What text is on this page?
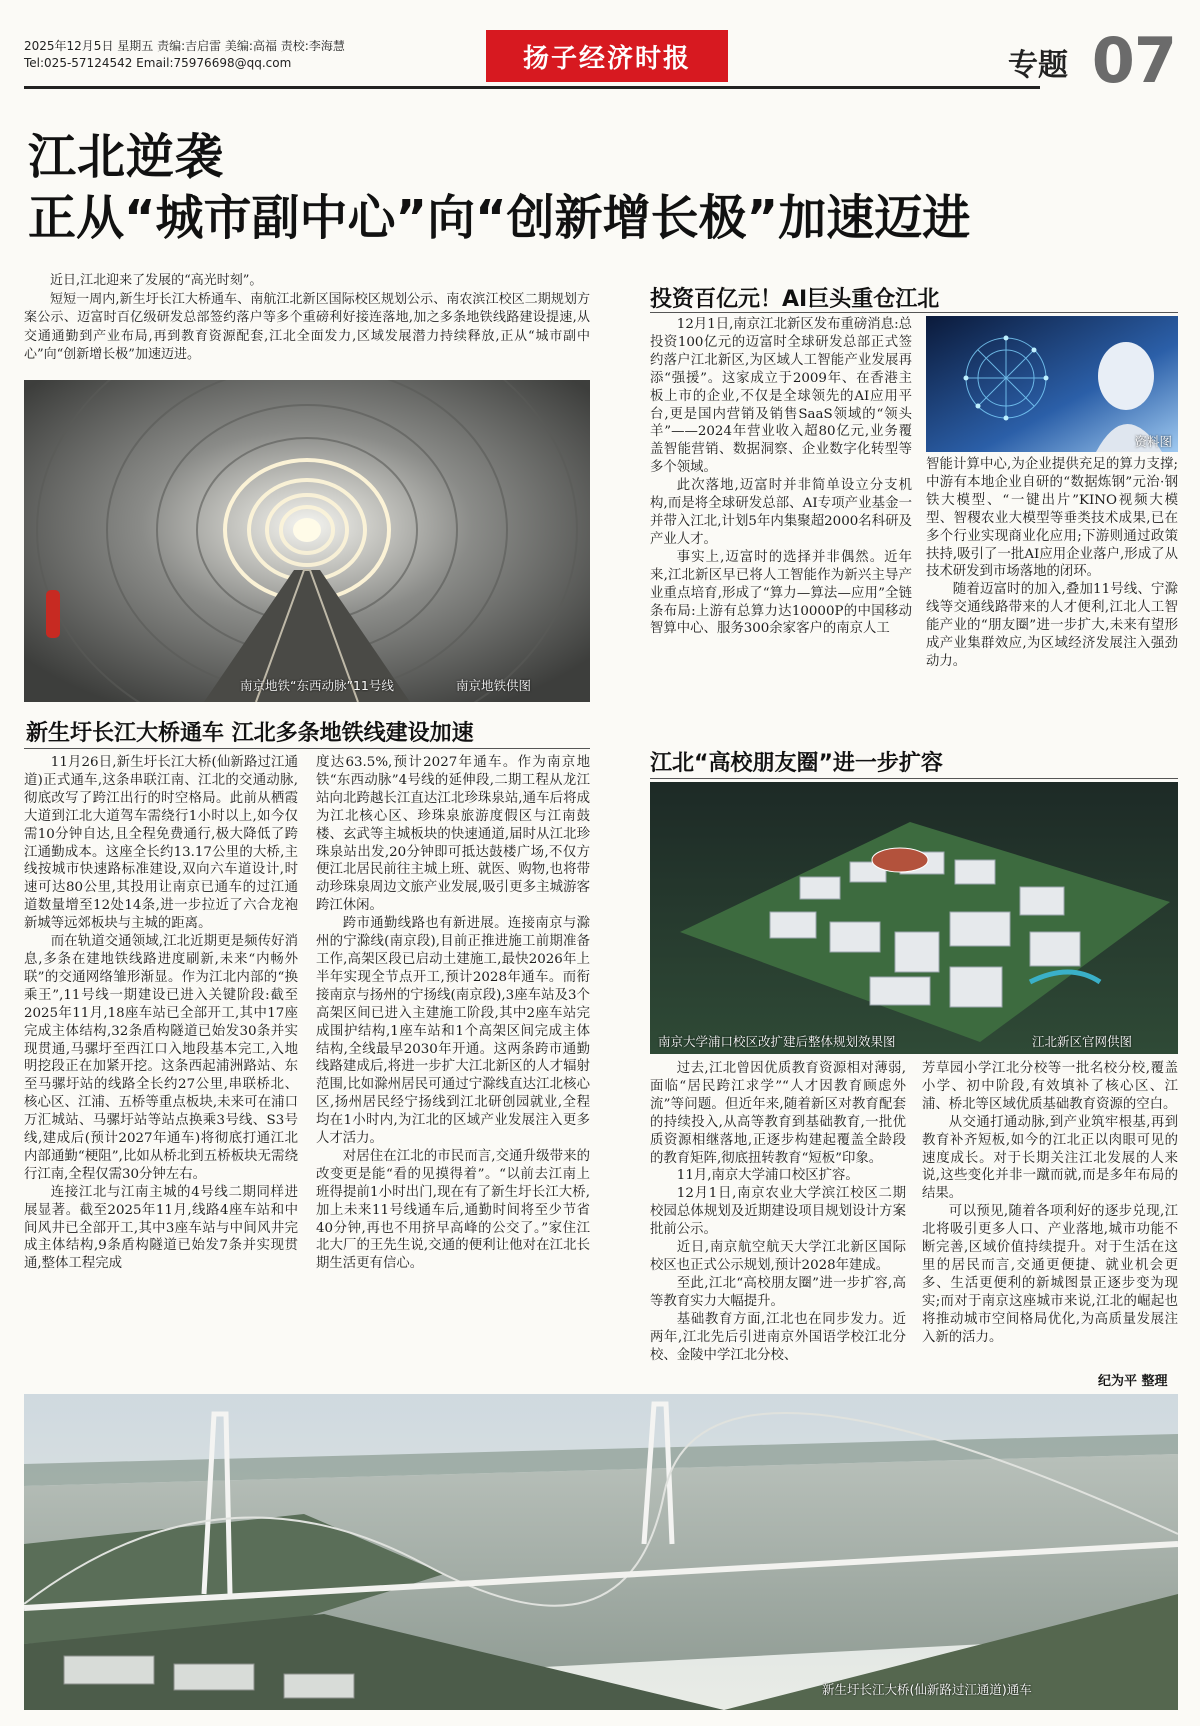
2025年12月5日 星期五 责编:吉启雷 美编:高福 责校:李海慧
Tel:025-57124542 Email:75976698@qq.com	扬子经济时报	专题 07
江北逆袭
正从“城市副中心”向“创新增长极”加速迈进

近日,江北迎来了发展的“高光时刻”。

短短一周内,新生圩长江大桥通车、南航江北新区国际校区规划公示、南农滨江校区二期规划方案公示、迈富时百亿级研发总部签约落户等多个重磅利好接连落地,加之多条地铁线路建设提速,从交通通勤到产业布局,再到教育资源配套,江北全面发力,区域发展潜力持续释放,正从“城市副中心”向“创新增长极”加速迈进。

南京地铁“东西动脉”11号线	南京地铁供图
新生圩长江大桥通车 江北多条地铁线建设加速

11月26日,新生圩长江大桥(仙新路过江通道)正式通车,这条串联江南、江北的交通动脉,彻底改写了跨江出行的时空格局。此前从栖霞大道到江北大道驾车需绕行1小时以上,如今仅需10分钟自达,且全程免费通行,极大降低了跨江通勤成本。这座全长约13.17公里的大桥,主线按城市快速路标准建设,双向六车道设计,时速可达80公里,其投用让南京已通车的过江通道数量增至12处14条,进一步拉近了六合龙袍新城等远郊板块与主城的距离。

而在轨道交通领域,江北近期更是频传好消息,多条在建地铁线路进度刷新,未来“内畅外联”的交通网络雏形渐显。作为江北内部的“换乘王”,11号线一期建设已进入关键阶段:截至2025年11月,18座车站已全部开工,其中17座完成主体结构,32条盾构隧道已始发30条并实现贯通,马骡圩至西江口入地段基本完工,入地明挖段正在加紧开挖。这条西起浦洲路站、东至马骡圩站的线路全长约27公里,串联桥北、核心区、江浦、五桥等重点板块,未来可在浦口万汇城站、马骡圩站等站点换乘3号线、S3号线,建成后(预计2027年通车)将彻底打通江北内部通勤“梗阻”,比如从桥北到五桥板块无需绕行江南,全程仅需30分钟左右。

连接江北与江南主城的4号线二期同样进展显著。截至2025年11月,线路4座车站和中间风井已全部开工,其中3座车站与中间风井完成主体结构,9条盾构隧道已始发7条并实现贯通,整体工程完成

度达63.5%,预计2027年通车。作为南京地铁“东西动脉”4号线的延伸段,二期工程从龙江站向北跨越长江直达江北珍珠泉站,通车后将成为江北核心区、珍珠泉旅游度假区与江南鼓楼、玄武等主城板块的快速通道,届时从江北珍珠泉站出发,20分钟即可抵达鼓楼广场,不仅方便江北居民前往主城上班、就医、购物,也将带动珍珠泉周边文旅产业发展,吸引更多主城游客跨江休闲。

跨市通勤线路也有新进展。连接南京与滁州的宁滁线(南京段),目前正推进施工前期准备工作,高架区段已启动土建施工,最快2026年上半年实现全节点开工,预计2028年通车。而衔接南京与扬州的宁扬线(南京段),3座车站及3个高架区间已进入主建施工阶段,其中2座车站完成围护结构,1座车站和1个高架区间完成主体结构,全线最早2030年开通。这两条跨市通勤线路建成后,将进一步扩大江北新区的人才辐射范围,比如滁州居民可通过宁滁线直达江北核心区,扬州居民经宁扬线到江北研创园就业,全程均在1小时内,为江北的区域产业发展注入更多人才活力。

对居住在江北的市民而言,交通升级带来的改变更是能“看的见摸得着”。“以前去江南上班得提前1小时出门,现在有了新生圩长江大桥,加上未来11号线通车后,通勤时间将至少节省40分钟,再也不用挤早高峰的公交了。”家住江北大厂的王先生说,交通的便利让他对在江北长期生活更有信心。

投资百亿元！AI巨头重仓江北
资料图

12月1日,南京江北新区发布重磅消息:总投资100亿元的迈富时全球研发总部正式签约落户江北新区,为区域人工智能产业发展再添“强援”。这家成立于2009年、在香港主板上市的企业,不仅是全球领先的AI应用平台,更是国内营销及销售SaaS领域的“领头羊”——2024年营业收入超80亿元,业务覆盖智能营销、数据洞察、企业数字化转型等多个领域。

此次落地,迈富时并非简单设立分支机构,而是将全球研发总部、AI专项产业基金一并带入江北,计划5年内集聚超2000名科研及产业人才。

事实上,迈富时的选择并非偶然。近年来,江北新区早已将人工智能作为新兴主导产业重点培育,形成了“算力—算法—应用”全链条布局:上游有总算力达10000P的中国移动智算中心、服务300余家客户的南京人工

智能计算中心,为企业提供充足的算力支撑;中游有本地企业自研的“数据炼钢”元治·钢铁大模型、“一键出片”KINO视频大模型、智稷农业大模型等垂类技术成果,已在多个行业实现商业化应用;下游则通过政策扶持,吸引了一批AI应用企业落户,形成了从技术研发到市场落地的闭环。

随着迈富时的加入,叠加11号线、宁滁线等交通线路带来的人才便利,江北人工智能产业的“朋友圈”进一步扩大,未来有望形成产业集群效应,为区域经济发展注入强劲动力。

江北“高校朋友圈”进一步扩容
南京大学浦口校区改扩建后整体规划效果图	江北新区官网供图

过去,江北曾因优质教育资源相对薄弱,面临“居民跨江求学”“人才因教育顾虑外流”等问题。但近年来,随着新区对教育配套的持续投入,从高等教育到基础教育,一批优质资源相继落地,正逐步构建起覆盖全龄段的教育矩阵,彻底扭转教育“短板”印象。

11月,南京大学浦口校区扩容。

12月1日,南京农业大学滨江校区二期校园总体规划及近期建设项目规划设计方案批前公示。

近日,南京航空航天大学江北新区国际校区也正式公示规划,预计2028年建成。

至此,江北“高校朋友圈”进一步扩容,高等教育实力大幅提升。

基础教育方面,江北也在同步发力。近两年,江北先后引进南京外国语学校江北分校、金陵中学江北分校、

芳草园小学江北分校等一批名校分校,覆盖小学、初中阶段,有效填补了核心区、江浦、桥北等区域优质基础教育资源的空白。

从交通打通动脉,到产业筑牢根基,再到教育补齐短板,如今的江北正以肉眼可见的速度成长。对于长期关注江北发展的人来说,这些变化并非一蹴而就,而是多年布局的结果。

可以预见,随着各项利好的逐步兑现,江北将吸引更多人口、产业落地,城市功能不断完善,区域价值持续提升。对于生活在这里的居民而言,交通更便捷、就业机会更多、生活更便利的新城图景正逐步变为现实;而对于南京这座城市来说,江北的崛起也将推动城市空间格局优化,为高质量发展注入新的活力。

纪为平 整理
新生圩长江大桥(仙新路过江通道)通车
